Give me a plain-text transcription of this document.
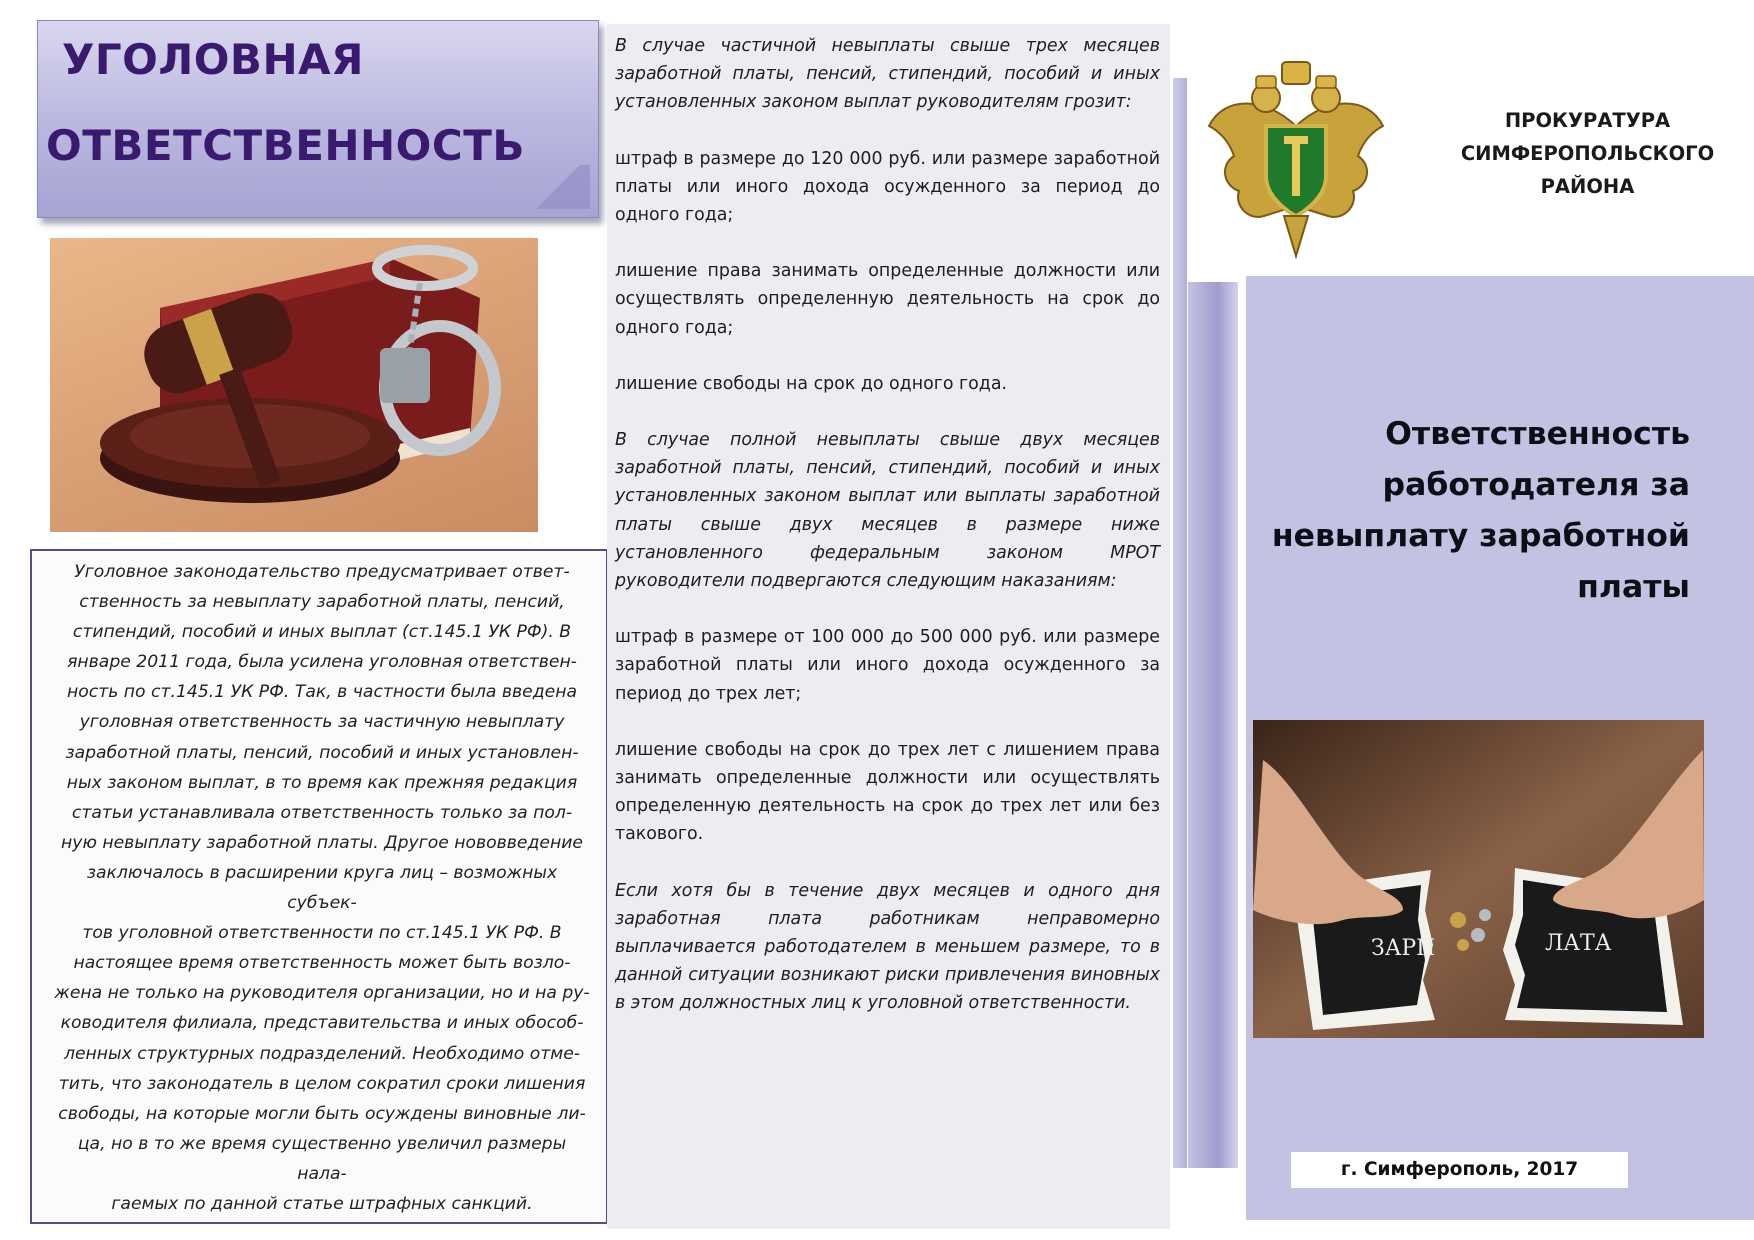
УГОЛОВНАЯ
ОТВЕТСТВЕННОСТЬ
Уголовное законодательство предусматривает ответ-
ственность за невыплату заработной платы, пенсий,
стипендий, пособий и иных выплат (ст.145.1 УК РФ). В
январе 2011 года, была усилена уголовная ответствен-
ность по ст.145.1 УК РФ. Так, в частности была введена
уголовная ответственность за частичную невыплату
заработной платы, пенсий, пособий и иных установлен-
ных законом выплат, в то время как прежняя редакция
статьи устанавливала ответственность только за пол-
ную невыплату заработной платы. Другое нововведение
заключалось в расширении круга лиц – возможных субъек-
тов уголовной ответственности по ст.145.1 УК РФ. В
настоящее время ответственность может быть возло-
жена не только на руководителя организации, но и на ру-
ководителя филиала, представительства и иных обособ-
ленных структурных подразделений. Необходимо отме-
тить, что законодатель в целом сократил сроки лишения
свободы, на которые могли быть осуждены виновные ли-
ца, но в то же время существенно увеличил размеры нала-
гаемых по данной статье штрафных санкций.

В случае частичной невыплаты свыше трех месяцев заработной платы, пенсий, стипендий, пособий и иных установленных законом выплат руководителям грозит:

штраф в размере до 120 000 руб. или размере заработной платы или иного дохода осужденного за период до одного года;

лишение права занимать определенные должности или осуществлять определенную деятельность на срок до одного года;

лишение свободы на срок до одного года.

В случае полной невыплаты свыше двух месяцев заработной платы, пенсий, стипендий, пособий и иных установленных законом выплат или выплаты заработной платы свыше двух месяцев в размере ниже установленного федеральным законом МРОТ руководители подвергаются следующим наказаниям:

штраф в размере от 100 000 до 500 000 руб. или размере заработной платы или иного дохода осужденного за период до трех лет;

лишение свободы на срок до трех лет с лишением права занимать определенные должности или осуществлять определенную деятельность на срок до трех лет или без такового.

Если хотя бы в течение двух месяцев и одного дня заработная плата работникам неправомерно выплачивается работодателем в меньшем размере, то в данной ситуации возникают риски привлечения виновных в этом должностных лиц к уголовной ответственности.

ПРОКУРАТУРА
СИМФЕРОПОЛЬСКОГО
РАЙОНА
Ответственность
работодателя за
невыплату заработной
платы
ЗАРП	ЛАТА
г. Симферополь, 2017
